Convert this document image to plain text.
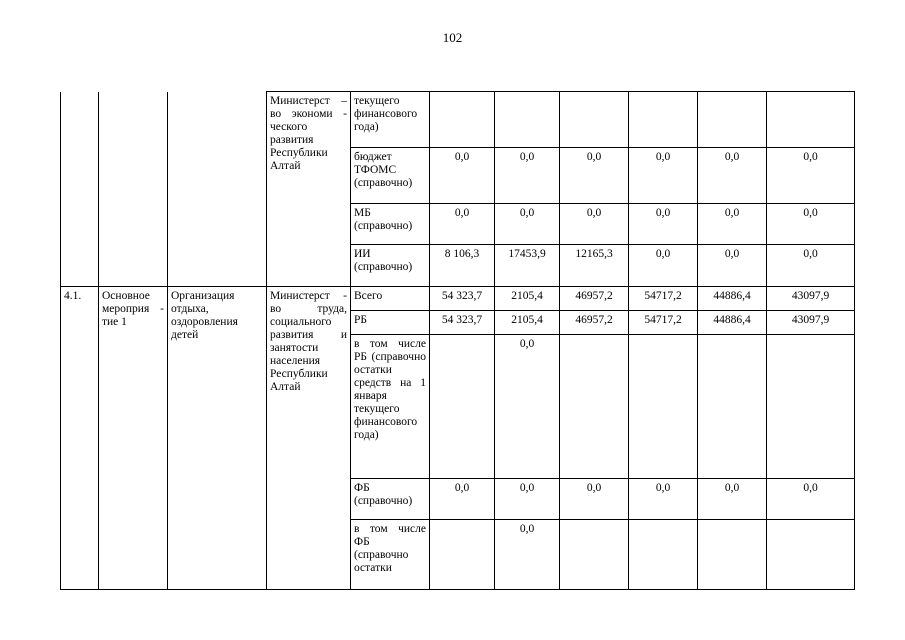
102
			Министерст –во экономи - ческого развития Республики Алтай	текущего финансового года)						
				бюджет ТФОМС (справочно)	0,0	0,0	0,0	0,0	0,0	0,0
				МБ (справочно)	0,0	0,0	0,0	0,0	0,0	0,0
				ИИ (справочно)	8 106,3	17453,9	12165,3	0,0	0,0	0,0
4.1.	Основное мероприя - тие 1	Организация отдыха, оздоровления детей	Министерст - во труда, социального развития и занятости населения Республики Алтай	Всего	54 323,7	2105,4	46957,2	54717,2	44886,4	43097,9
				РБ	54 323,7	2105,4	46957,2	54717,2	44886,4	43097,9
				в том числе РБ (справочно остатки средств на 1 января текущего финансового года)		0,0				
				ФБ (справочно)	0,0	0,0	0,0	0,0	0,0	0,0
				в том числе ФБ (справочно остатки		0,0				
